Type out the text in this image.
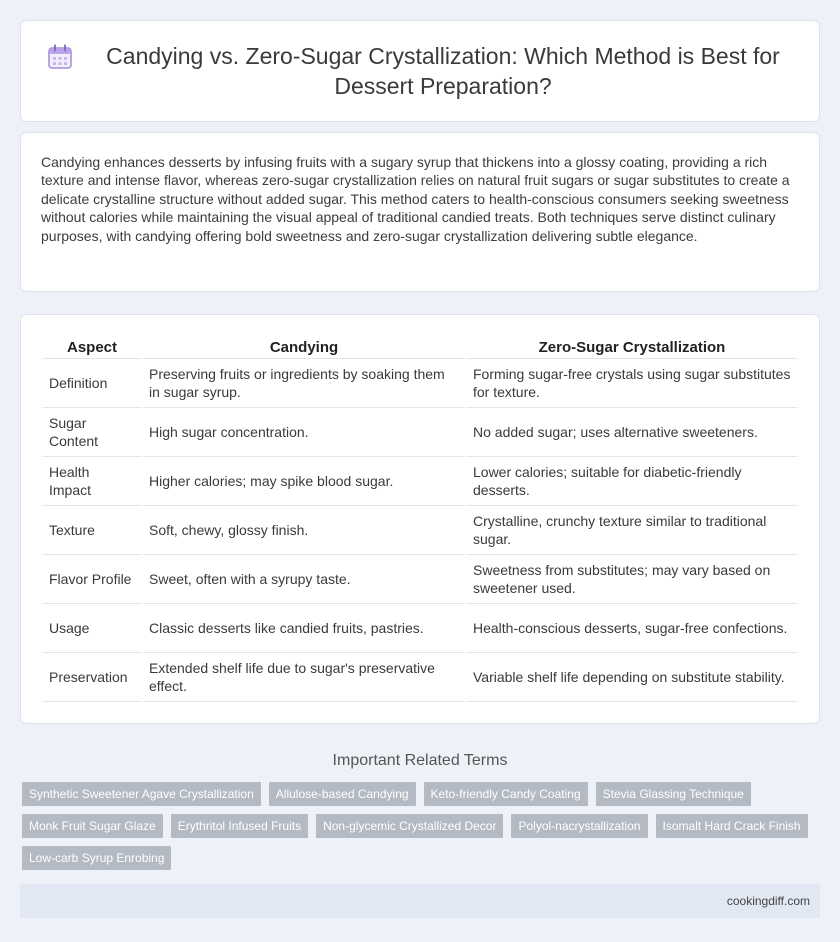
Candying vs. Zero-Sugar Crystallization: Which Method is Best for Dessert Preparation?

Candying enhances desserts by infusing fruits with a sugary syrup that thickens into a glossy coating, providing a rich texture and intense flavor, whereas zero-sugar crystallization relies on natural fruit sugars or sugar substitutes to create a delicate crystalline structure without added sugar. This method caters to health-conscious consumers seeking sweetness without calories while maintaining the visual appeal of traditional candied treats. Both techniques serve distinct culinary purposes, with candying offering bold sweetness and zero-sugar crystallization delivering subtle elegance.

Aspect	Candying	Zero-Sugar Crystallization
Definition	Preserving fruits or ingredients by soaking them in sugar syrup.	Forming sugar-free crystals using sugar substitutes for texture.
Sugar Content	High sugar concentration.	No added sugar; uses alternative sweeteners.
Health Impact	Higher calories; may spike blood sugar.	Lower calories; suitable for diabetic-friendly desserts.
Texture	Soft, chewy, glossy finish.	Crystalline, crunchy texture similar to traditional sugar.
Flavor Profile	Sweet, often with a syrupy taste.	Sweetness from substitutes; may vary based on sweetener used.
Usage	Classic desserts like candied fruits, pastries.	Health-conscious desserts, sugar-free confections.
Preservation	Extended shelf life due to sugar's preservative effect.	Variable shelf life depending on substitute stability.
Important Related Terms
Synthetic Sweetener Agave Crystallization	Allulose-based Candying	Keto-friendly Candy Coating	Stevia Glassing Technique
Monk Fruit Sugar Glaze	Erythritol Infused Fruits	Non-glycemic Crystallized Decor	Polyol-nacrystallization	Isomalt Hard Crack Finish
Low-carb Syrup Enrobing
cookingdiff.com
